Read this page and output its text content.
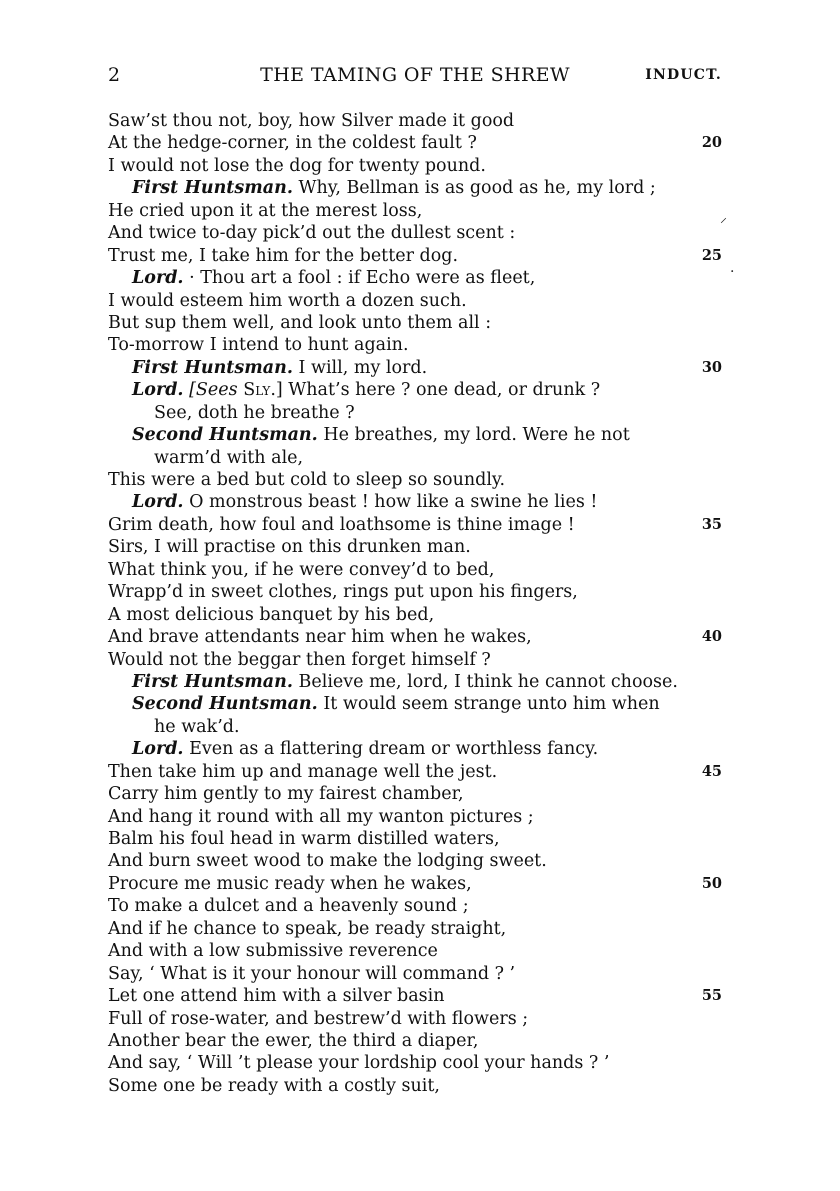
2	THE TAMING OF THE SHREW	INDUCT.
Saw’st thou not, boy, how Silver made it good
At the hedge-corner, in the coldest fault ?	20
I would not lose the dog for twenty pound.
First Huntsman. Why, Bellman is as good as he, my lord ;
He cried upon it at the merest loss,
And twice to-day pick’d out the dullest scent :
Trust me, I take him for the better dog.	25
Lord. · Thou art a fool : if Echo were as fleet,
I would esteem him worth a dozen such.
But sup them well, and look unto them all :
To-morrow I intend to hunt again.
First Huntsman. I will, my lord.	30
Lord. [Sees Sly.] What’s here ? one dead, or drunk ?
See, doth he breathe ?
Second Huntsman. He breathes, my lord. Were he not
warm’d with ale,
This were a bed but cold to sleep so soundly.
Lord. O monstrous beast ! how like a swine he lies !
Grim death, how foul and loathsome is thine image !	35
Sirs, I will practise on this drunken man.
What think you, if he were convey’d to bed,
Wrapp’d in sweet clothes, rings put upon his fingers,
A most delicious banquet by his bed,
And brave attendants near him when he wakes,	40
Would not the beggar then forget himself ?
First Huntsman. Believe me, lord, I think he cannot choose.
Second Huntsman. It would seem strange unto him when
he wak’d.
Lord. Even as a flattering dream or worthless fancy.
Then take him up and manage well the jest.	45
Carry him gently to my fairest chamber,
And hang it round with all my wanton pictures ;
Balm his foul head in warm distilled waters,
And burn sweet wood to make the lodging sweet.
Procure me music ready when he wakes,	50
To make a dulcet and a heavenly sound ;
And if he chance to speak, be ready straight,
And with a low submissive reverence
Say, ‘ What is it your honour will command ? ’
Let one attend him with a silver basin	55
Full of rose-water, and bestrew’d with flowers ;
Another bear the ewer, the third a diaper,
And say, ‘ Will ’t please your lordship cool your hands ? ’
Some one be ready with a costly suit,
⸝
·
